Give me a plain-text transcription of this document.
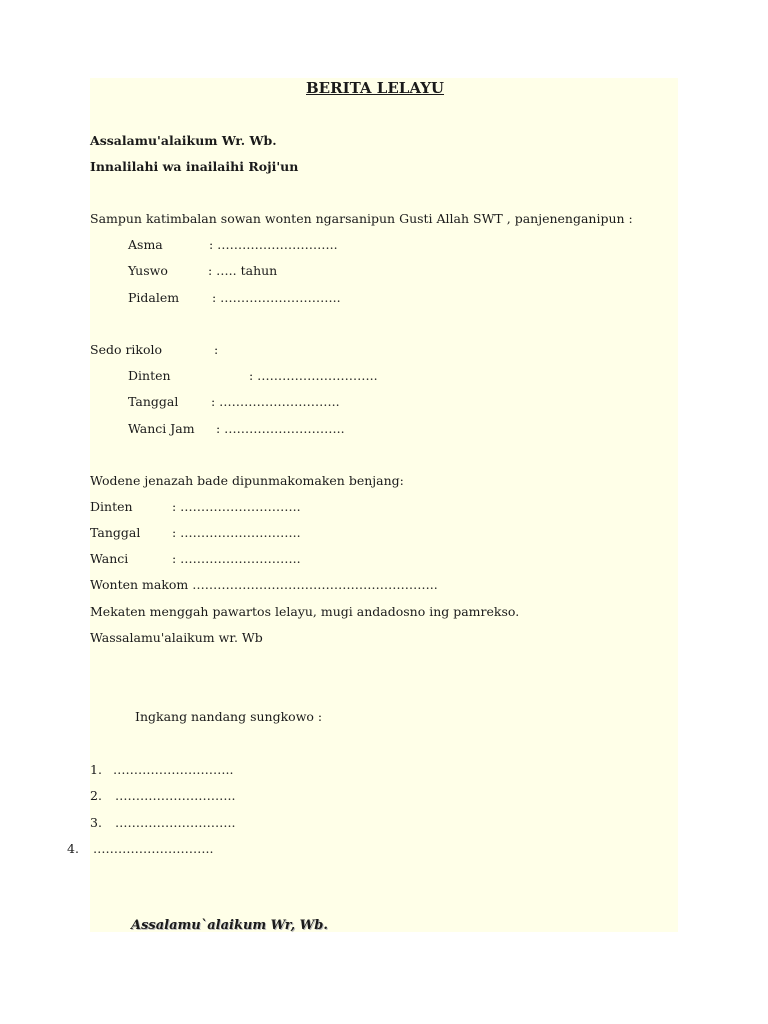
BERITA LELAYU
Assalamu'alaikum Wr. Wb.
Innalilahi wa inailaihi Roji'un
Sampun katimbalan sowan wonten ngarsanipun Gusti Allah SWT , panjenenganipun :
Asma	: ………………………..
Yuswo	: ….. tahun
Pidalem	: ………………………..
Sedo rikolo	:
Dinten	: ………………………..
Tanggal	: ………………………..
Wanci Jam : ………………………..
Wodene jenazah bade dipunmakomaken benjang:
Dinten	: ………………………..
Tanggal	: ………………………..
Wanci	: ………………………..
Wonten makom …………………………………………………..
Mekaten menggah pawartos lelayu, mugi andadosno ing pamrekso.
Wassalamu'alaikum wr. Wb
Ingkang nandang sungkowo :
1. ………………………..
2. ………………………..
3. ………………………..
4. ………………………..
Assalamu`alaikum Wr, Wb.
